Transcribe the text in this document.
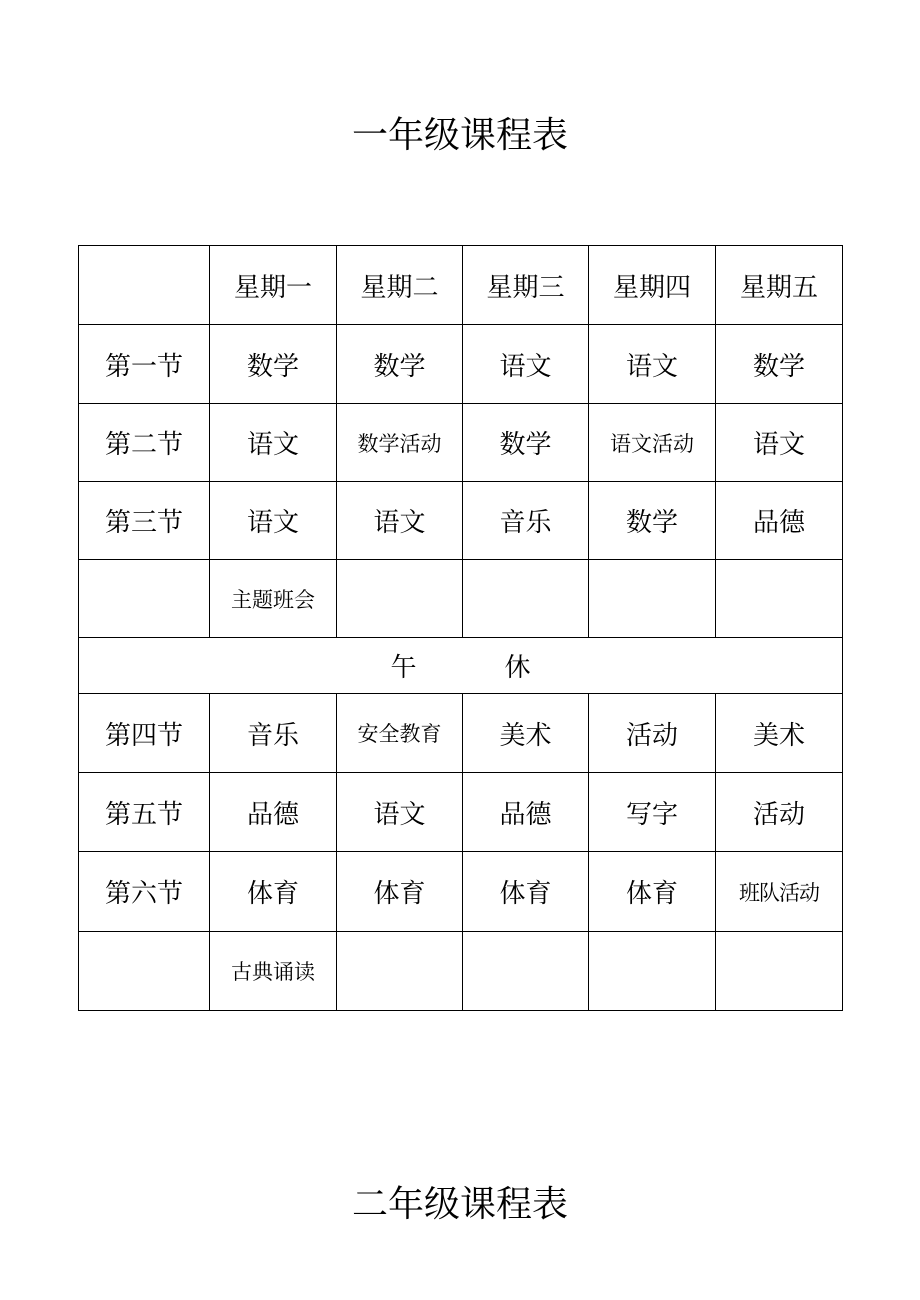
一年级课程表
	星期一	星期二	星期三	星期四	星期五
第一节	数学	数学	语文	语文	数学
第二节	语文	数学活动	数学	语文活动	语文
第三节	语文	语文	音乐	数学	品德
	主题班会				
午 休					
第四节	音乐	安全教育	美术	活动	美术
第五节	品德	语文	品德	写字	活动
第六节	体育	体育	体育	体育	班队活动
	古典诵读				
二年级课程表
